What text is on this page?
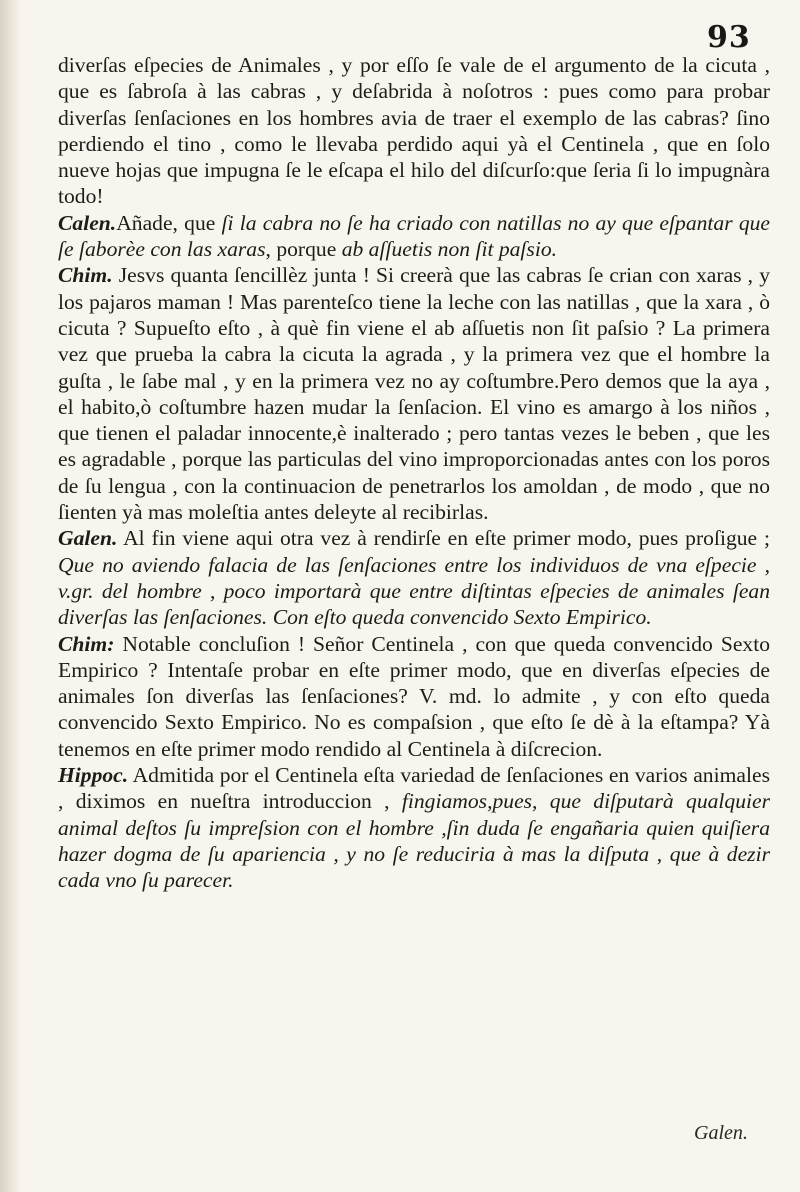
93

diverſas eſpecies de Animales , y por eſſo ſe vale de el argumento de la cicuta , que es ſabroſa à las cabras , y deſabrida à noſotros : pues como para probar diverſas ſenſaciones en los hombres avia de traer el exemplo de las cabras? ſino perdiendo el tino , como le llevaba perdido aqui yà el Centinela , que en ſolo nueve hojas que impugna ſe le eſcapa el hilo del diſcurſo:que ſeria ſi lo impugnàra todo!

Calen.Añade, que ſi la cabra no ſe ha criado con natillas no ay que eſpantar que ſe ſaborèe con las xaras, porque ab aſſuetis non ſit paſsio.

Chim. Jesvs quanta ſencillèz junta ! Si creerà que las cabras ſe crian con xaras , y los pajaros maman ! Mas parenteſco tiene la leche con las natillas , que la xara , ò cicuta ? Supueſto eſto , à què fin viene el ab aſſuetis non ſit paſsio ? La primera vez que prueba la cabra la cicuta la agrada , y la primera vez que el hombre la guſta , le ſabe mal , y en la primera vez no ay coſtumbre.Pero demos que la aya , el habito,ò coſtumbre hazen mudar la ſenſacion. El vino es amargo à los niños , que tienen el paladar innocente,è inalterado ; pero tantas vezes le beben , que les es agradable , porque las particulas del vino improporcionadas antes con los poros de ſu lengua , con la continuacion de penetrarlos los amoldan , de modo , que no ſienten yà mas moleſtia antes deleyte al recibirlas.

Galen. Al fin viene aqui otra vez à rendirſe en eſte primer modo, pues proſigue ; Que no aviendo falacia de las ſenſaciones entre los individuos de vna eſpecie , v.gr. del hombre , poco importarà que entre diſtintas eſpecies de animales ſean diverſas las ſenſaciones. Con eſto queda convencido Sexto Empirico.

Chim: Notable concluſion ! Señor Centinela , con que queda convencido Sexto Empirico ? Intentaſe probar en eſte primer modo, que en diverſas eſpecies de animales ſon diverſas las ſenſaciones? V. md. lo admite , y con eſto queda convencido Sexto Empirico. No es compaſsion , que eſto ſe dè à la eſtampa? Yà tenemos en eſte primer modo rendido al Centinela à diſcrecion.

Hippoc. Admitida por el Centinela eſta variedad de ſenſaciones en varios animales , diximos en nueſtra introduccion , fingiamos,pues, que diſputarà qualquier animal deſtos ſu impreſsion con el hombre ,ſin duda ſe engañaria quien quiſiera hazer dogma de ſu apariencia , y no ſe reduciria à mas la diſputa , que à dezir cada vno ſu parecer.

Galen.
